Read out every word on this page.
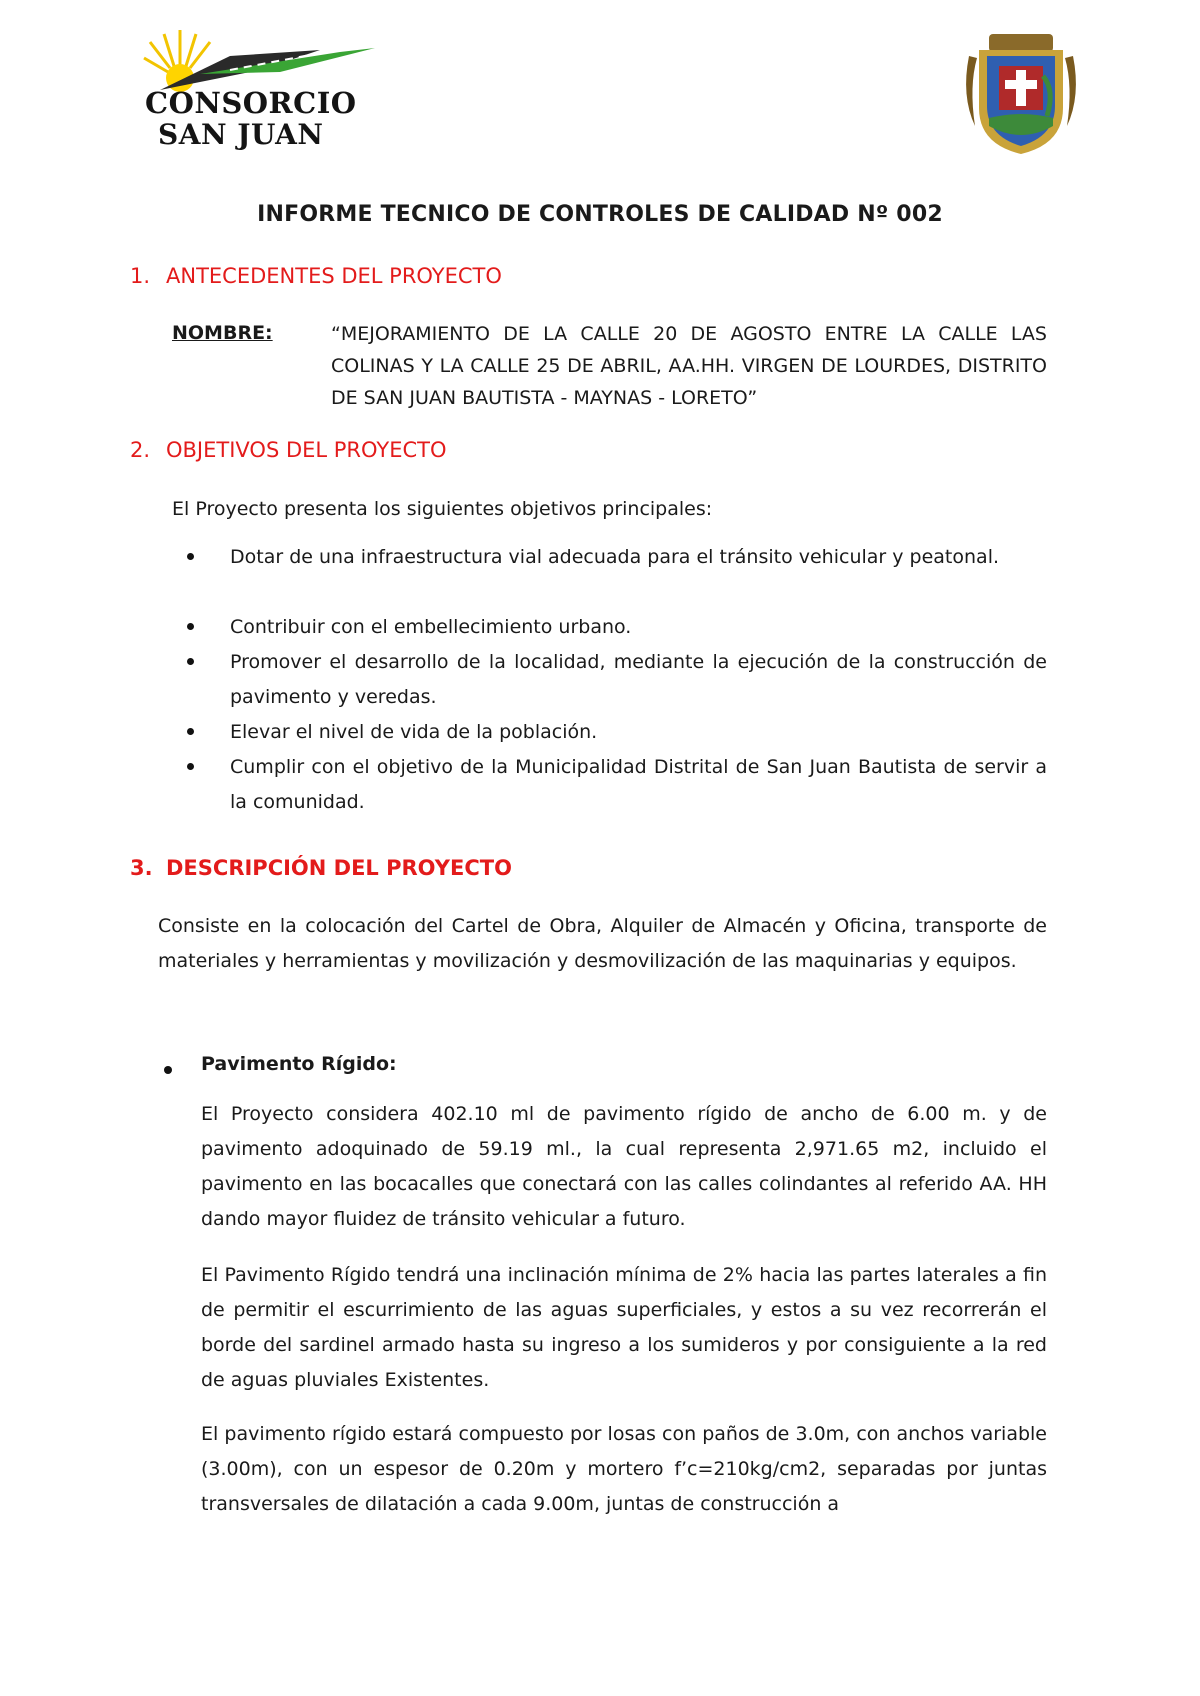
CONSORCIO
SAN JUAN
INFORME TECNICO DE CONTROLES DE CALIDAD Nº 002
1. ANTECEDENTES DEL PROYECTO
NOMBRE:	“MEJORAMIENTO DE LA CALLE 20 DE AGOSTO ENTRE LA CALLE LAS COLINAS Y LA CALLE 25 DE ABRIL, AA.HH. VIRGEN DE LOURDES, DISTRITO DE SAN JUAN BAUTISTA - MAYNAS - LORETO”

2. OBJETIVOS DEL PROYECTO

El Proyecto presenta los siguientes objetivos principales:

Dotar de una infraestructura vial adecuada para el tránsito vehicular y peatonal.
Contribuir con el embellecimiento urbano.
Promover el desarrollo de la localidad, mediante la ejecución de la construcción de pavimento y veredas.
Elevar el nivel de vida de la población.
Cumplir con el objetivo de la Municipalidad Distrital de San Juan Bautista de servir a la comunidad.
3. DESCRIPCIÓN DEL PROYECTO

Consiste en la colocación del Cartel de Obra, Alquiler de Almacén y Oficina, transporte de materiales y herramientas y movilización y desmovilización de las maquinarias y equipos.

Pavimento Rígido:

El Proyecto considera 402.10 ml de pavimento rígido de ancho de 6.00 m. y de pavimento adoquinado de 59.19 ml., la cual representa 2,971.65 m2, incluido el pavimento en las bocacalles que conectará con las calles colindantes al referido AA. HH dando mayor fluidez de tránsito vehicular a futuro.

El Pavimento Rígido tendrá una inclinación mínima de 2% hacia las partes laterales a fin de permitir el escurrimiento de las aguas superficiales, y estos a su vez recorrerán el borde del sardinel armado hasta su ingreso a los sumideros y por consiguiente a la red de aguas pluviales Existentes.

El pavimento rígido estará compuesto por losas con paños de 3.0m, con anchos variable (3.00m), con un espesor de 0.20m y mortero f’c=210kg/cm2, separadas por juntas transversales de dilatación a cada 9.00m, juntas de construcción a
